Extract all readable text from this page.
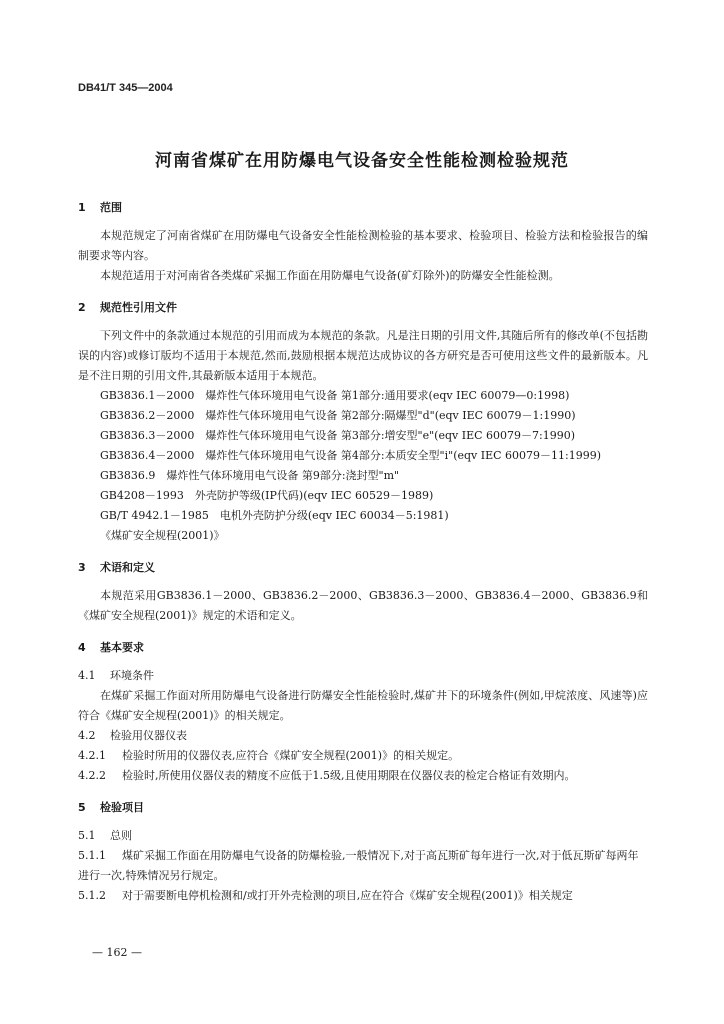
DB41/T 345—2004
河南省煤矿在用防爆电气设备安全性能检测检验规范
1 范围

本规范规定了河南省煤矿在用防爆电气设备安全性能检测检验的基本要求、检验项目、检验方法和检验报告的编制要求等内容。

本规范适用于对河南省各类煤矿采掘工作面在用防爆电气设备(矿灯除外)的防爆安全性能检测。

2 规范性引用文件

下列文件中的条款通过本规范的引用而成为本规范的条款。凡是注日期的引用文件,其随后所有的修改单(不包括勘误的内容)或修订版均不适用于本规范,然而,鼓励根据本规范达成协议的各方研究是否可使用这些文件的最新版本。凡是不注日期的引用文件,其最新版本适用于本规范。

GB3836.1－2000　爆炸性气体环境用电气设备 第1部分:通用要求(eqv IEC 60079—0:1998)

GB3836.2－2000　爆炸性气体环境用电气设备 第2部分:隔爆型"d"(eqv IEC 60079－1:1990)

GB3836.3－2000　爆炸性气体环境用电气设备 第3部分:增安型"e"(eqv IEC 60079－7:1990)

GB3836.4－2000　爆炸性气体环境用电气设备 第4部分:本质安全型"i"(eqv IEC 60079－11:1999)

GB3836.9　爆炸性气体环境用电气设备 第9部分:浇封型"m"

GB4208－1993　外壳防护等级(IP代码)(eqv IEC 60529－1989)

GB/T 4942.1－1985　电机外壳防护分级(eqv IEC 60034－5:1981)

《煤矿安全规程(2001)》

3 术语和定义

本规范采用GB3836.1－2000、GB3836.2－2000、GB3836.3－2000、GB3836.4－2000、GB3836.9和《煤矿安全规程(2001)》规定的术语和定义。

4 基本要求

4.1 环境条件

在煤矿采掘工作面对所用防爆电气设备进行防爆安全性能检验时,煤矿井下的环境条件(例如,甲烷浓度、风速等)应符合《煤矿安全规程(2001)》的相关规定。

4.2 检验用仪器仪表

4.2.1 检验时所用的仪器仪表,应符合《煤矿安全规程(2001)》的相关规定。

4.2.2 检验时,所使用仪器仪表的精度不应低于1.5级,且使用期限在仪器仪表的检定合格证有效期内。

5 检验项目

5.1 总则

5.1.1 煤矿采掘工作面在用防爆电气设备的防爆检验,一般情况下,对于高瓦斯矿每年进行一次,对于低瓦斯矿每两年进行一次,特殊情况另行规定。

5.1.2 对于需要断电停机检测和/或打开外壳检测的项目,应在符合《煤矿安全规程(2001)》相关规定

— 162 —
